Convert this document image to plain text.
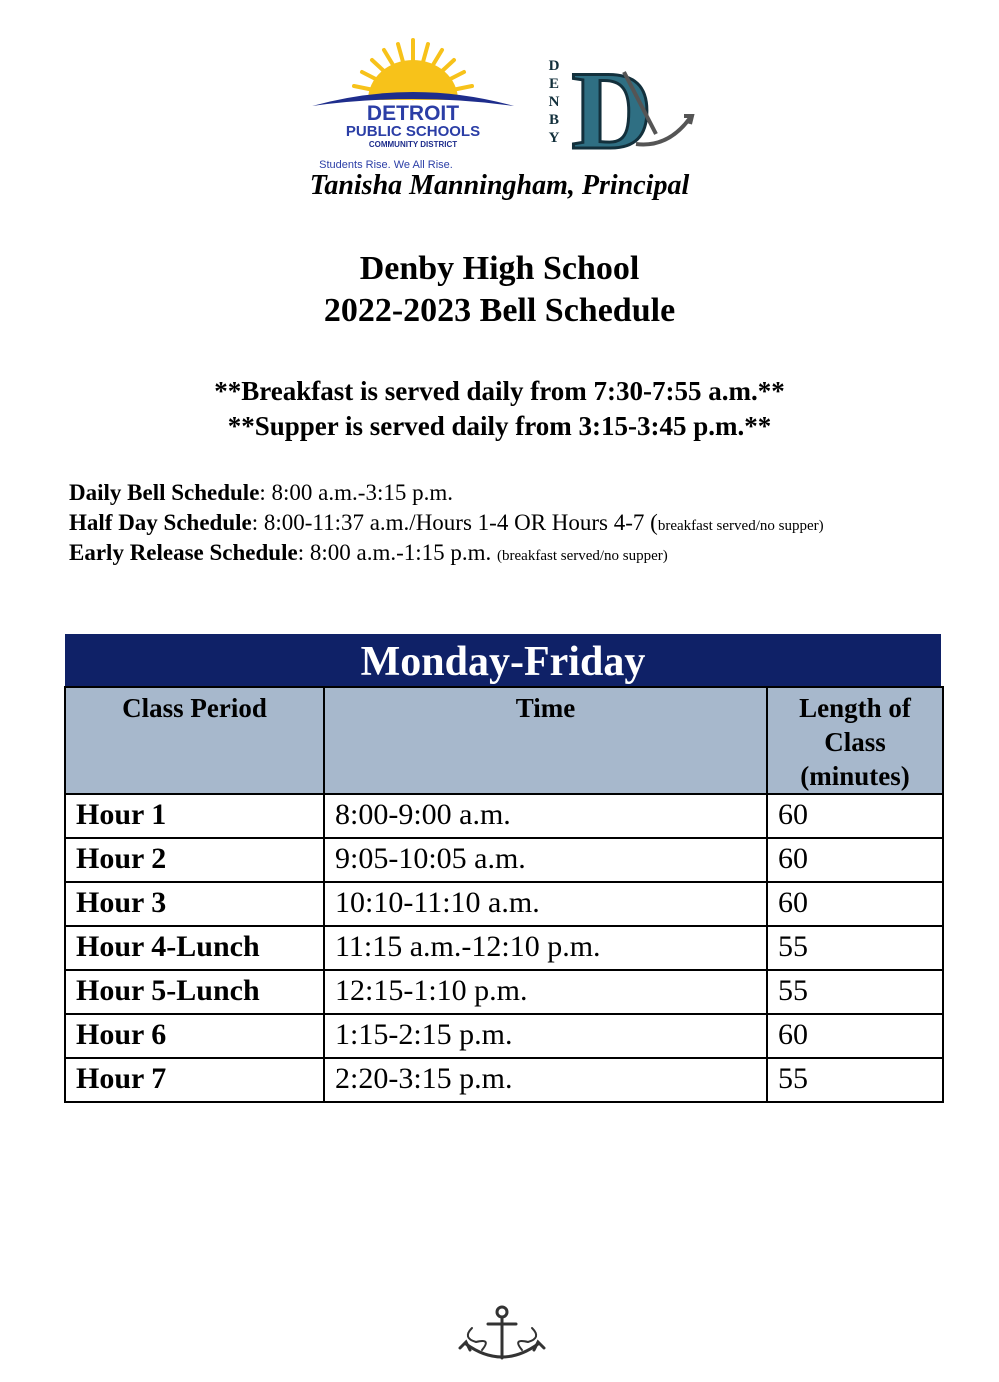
DETROIT
PUBLIC SCHOOLS
COMMUNITY DISTRICT
Students Rise. We All Rise.
D
E
N
B
Y D
Tanisha Manningham, Principal
Denby High School
2022-2023 Bell Schedule
**Breakfast is served daily from 7:30-7:55 a.m.**
**Supper is served daily from 3:15-3:45 p.m.**
Daily Bell Schedule: 8:00 a.m.-3:15 p.m.
Half Day Schedule: 8:00-11:37 a.m./Hours 1-4 OR Hours 4-7 (breakfast served/no supper)
Early Release Schedule: 8:00 a.m.-1:15 p.m. (breakfast served/no supper)
Monday-Friday
Class Period	Time	Length of Class (minutes)
Hour 1	8:00-9:00 a.m.	60
Hour 2	9:05-10:05 a.m.	60
Hour 3	10:10-11:10 a.m.	60
Hour 4-Lunch	11:15 a.m.-12:10 p.m.	55
Hour 5-Lunch	12:15-1:10 p.m.	55
Hour 6	1:15-2:15 p.m.	60
Hour 7	2:20-3:15 p.m.	55
